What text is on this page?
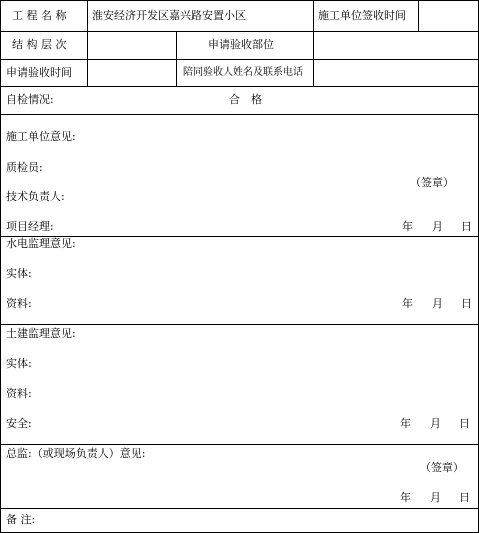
工 程 名 称 淮安经济开发区嘉兴路安置小区	施工单位签收时间
结 构 层 次	申请验收部位
申请验收时间	陪同验收人姓名及联系电话
自检情况:	合　格
施工单位意见:
质检员:
（签章）
技术负责人:
项目经理:	年 月 日
水电监理意见:
实体:
资料:	年 月 日
土建监理意见:
实体:
资料:
安全:	年 月 日
总监:（或现场负责人）意见:
（签章）
年 月 日
备 注:
